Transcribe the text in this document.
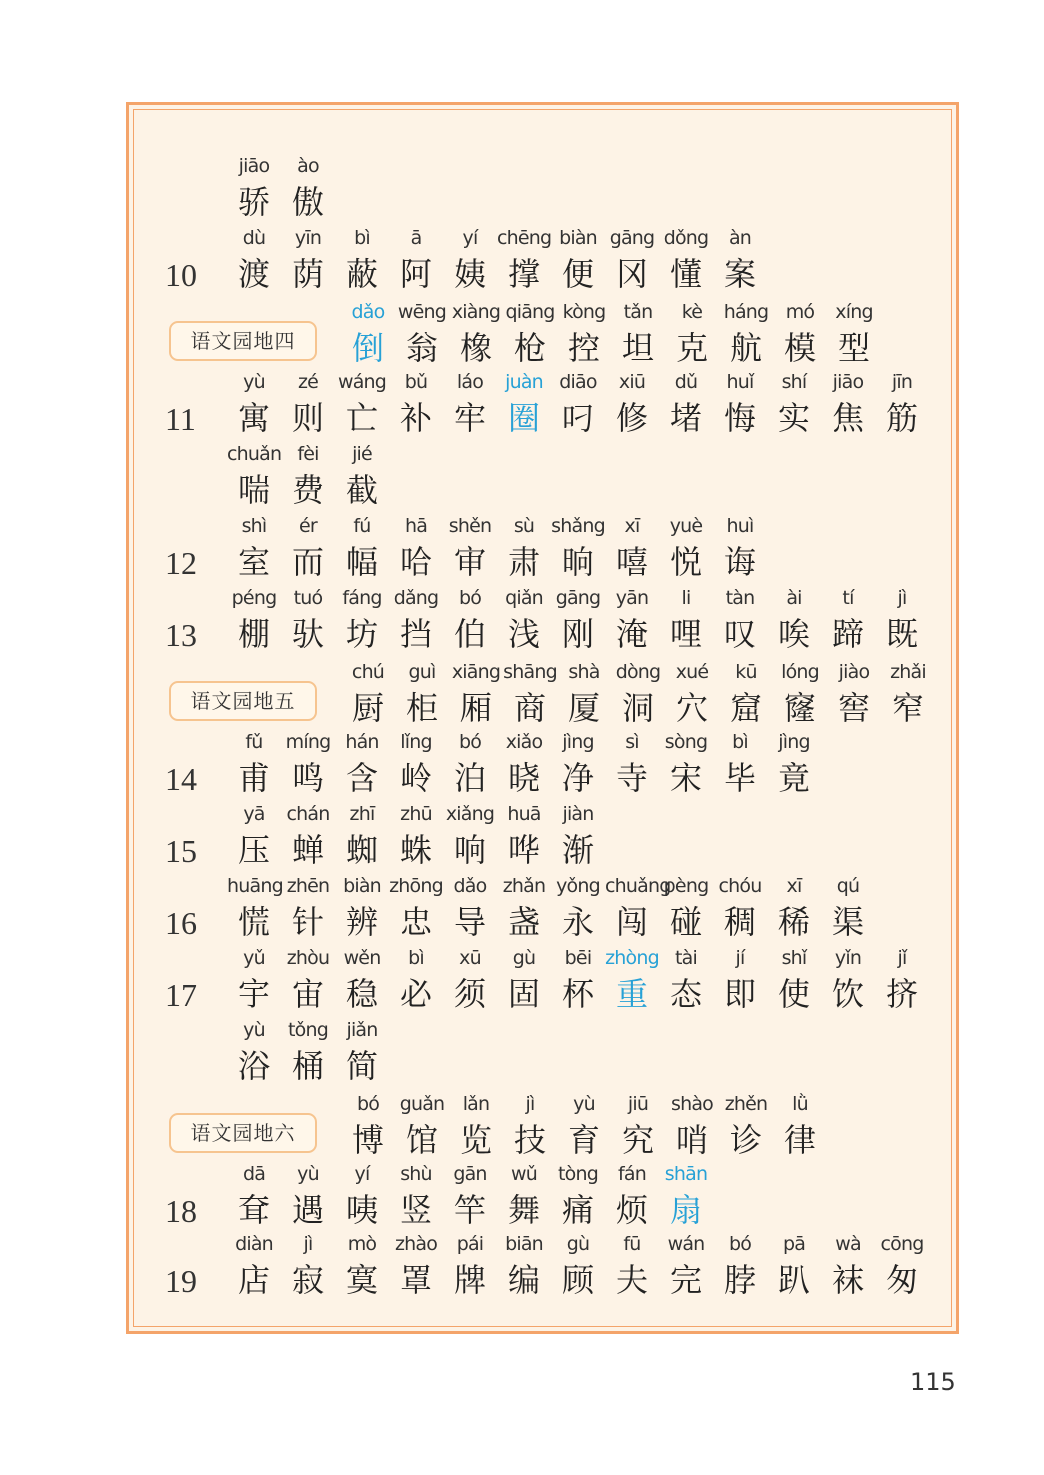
jiāo
骄
ào
傲
10
dù
渡
yīn
荫
bì
蔽
ā
阿
yí
姨
chēng
撑
biàn
便
gāng
冈
dǒng
懂
àn
案
语文园地四
dǎo
倒
wēng
翁
xiàng
橡
qiāng
枪
kòng
控
tǎn
坦
kè
克
háng
航
mó
模
xíng
型
11
yù
寓
zé
则
wáng
亡
bǔ
补
láo
牢
juàn
圈
diāo
叼
xiū
修
dǔ
堵
huǐ
悔
shí
实
jiāo
焦
jīn
筋
chuǎn
喘
fèi
费
jié
截
12
shì
室
ér
而
fú
幅
hā
哈
shěn
审
sù
肃
shǎng
晌
xī
嘻
yuè
悦
huì
诲
13
péng
棚
tuó
驮
fáng
坊
dǎng
挡
bó
伯
qiǎn
浅
gāng
刚
yān
淹
li
哩
tàn
叹
ài
唉
tí
蹄
jì
既
语文园地五
chú
厨
guì
柜
xiāng
厢
shāng
商
shà
厦
dòng
洞
xué
穴
kū
窟
lóng
窿
jiào
窖
zhǎi
窄
14
fǔ
甫
míng
鸣
hán
含
lǐng
岭
bó
泊
xiǎo
晓
jìng
净
sì
寺
sòng
宋
bì
毕
jìng
竟
15
yā
压
chán
蝉
zhī
蜘
zhū
蛛
xiǎng
响
huā
哗
jiàn
渐
16
huāng
慌
zhēn
针
biàn
辨
zhōng
忠
dǎo
导
zhǎn
盏
yǒng
永
chuǎng
闯
pèng
碰
chóu
稠
xī
稀
qú
渠
17
yǔ
宇
zhòu
宙
wěn
稳
bì
必
xū
须
gù
固
bēi
杯
zhòng
重
tài
态
jí
即
shǐ
使
yǐn
饮
jǐ
挤
yù
浴
tǒng
桶
jiǎn
简
语文园地六
bó
博
guǎn
馆
lǎn
览
jì
技
yù
育
jiū
究
shào
哨
zhěn
诊
lǜ
律
18
dā
耷
yù
遇
yí
咦
shù
竖
gān
竿
wǔ
舞
tòng
痛
fán
烦
shān
扇
19
diàn
店
jì
寂
mò
寞
zhào
罩
pái
牌
biān
编
gù
顾
fū
夫
wán
完
bó
脖
pā
趴
wà
袜
cōng
匆
115
